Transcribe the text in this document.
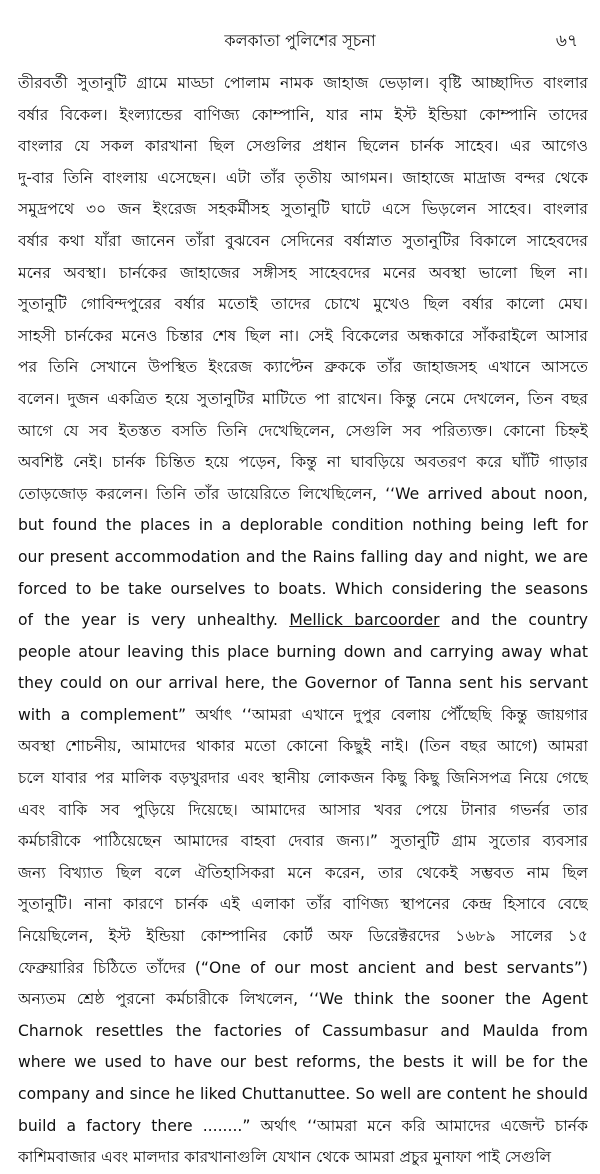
কলকাতা পুলিশের সূচনা	৬৭
তীরবর্তী সুতানুটি গ্রামে মাড্ডা পোলাম নামক জাহাজ ভেড়াল। বৃষ্টি আচ্ছাদিত বাংলার
বর্ষার বিকেল। ইংল্যান্ডের বাণিজ্য কোম্পানি, যার নাম ইস্ট ইন্ডিয়া কোম্পানি তাদের
বাংলার যে সকল কারখানা ছিল সেগুলির প্রধান ছিলেন চার্নক সাহেব। এর আগেও
দু-বার তিনি বাংলায় এসেছেন। এটা তাঁর তৃতীয় আগমন। জাহাজে মাদ্রাজ বন্দর থেকে
সমুদ্রপথে ৩০ জন ইংরেজ সহকর্মীসহ সুতানুটি ঘাটে এসে ভিড়লেন সাহেব। বাংলার
বর্ষার কথা যাঁরা জানেন তাঁরা বুঝবেন সেদিনের বর্ষাস্নাত সুতানুটির বিকালে সাহেবদের
মনের অবস্থা। চার্নকের জাহাজের সঙ্গীসহ সাহেবদের মনের অবস্থা ভালো ছিল না।
সুতানুটি গোবিন্দপুরের বর্ষার মতোই তাদের চোখে মুখেও ছিল বর্ষার কালো মেঘ।
সাহসী চার্নকের মনেও চিন্তার শেষ ছিল না। সেই বিকেলের অন্ধকারে সাঁকরাইলে আসার
পর তিনি সেখানে উপস্থিত ইংরেজ ক্যাপ্টেন ব্রুককে তাঁর জাহাজসহ এখানে আসতে
বলেন। দুজন একত্রিত হয়ে সুতানুটির মাটিতে পা রাখেন। কিন্তু নেমে দেখলেন, তিন বছর
আগে যে সব ইতস্তত বসতি তিনি দেখেছিলেন, সেগুলি সব পরিত্যক্ত। কোনো চিহ্নই
অবশিষ্ট নেই। চার্নক চিন্তিত হয়ে পড়েন, কিন্তু না ঘাবড়িয়ে অবতরণ করে ঘাঁটি গাড়ার
তোড়জোড় করলেন। তিনি তাঁর ডায়েরিতে লিখেছিলেন, ‘‘We arrived about noon,
but found the places in a deplorable condition nothing being left for
our present accommodation and the Rains falling day and night, we are
forced to be take ourselves to boats. Which considering the seasons
of the year is very unhealthy. Mellick barcoorder and the country
people atour leaving this place burning down and carrying away what
they could on our arrival here, the Governor of Tanna sent his servant
with a complement” অর্থাৎ ‘‘আমরা এখানে দুপুর বেলায় পৌঁছেছি কিন্তু জায়গার
অবস্থা শোচনীয়, আমাদের থাকার মতো কোনো কিছুই নাই। (তিন বছর আগে) আমরা
চলে যাবার পর মালিক বড়খুরদার এবং স্থানীয় লোকজন কিছু কিছু জিনিসপত্র নিয়ে গেছে
এবং বাকি সব পুড়িয়ে দিয়েছে। আমাদের আসার খবর পেয়ে টানার গভর্নর তার
কর্মচারীকে পাঠিয়েছেন আমাদের বাহবা দেবার জন্য।” সুতানুটি গ্রাম সুতোর ব্যবসার
জন্য বিখ্যাত ছিল বলে ঐতিহাসিকরা মনে করেন, তার থেকেই সম্ভবত নাম ছিল
সুতানুটি। নানা কারণে চার্নক এই এলাকা তাঁর বাণিজ্য স্থাপনের কেন্দ্র হিসাবে বেছে
নিয়েছিলেন, ইস্ট ইন্ডিয়া কোম্পানির কোর্ট অফ ডিরেক্টরদের ১৬৮৯ সালের ১৫
ফেব্রুয়ারির চিঠিতে তাঁদের (“One of our most ancient and best servants”)
অন্যতম শ্রেষ্ঠ পুরনো কর্মচারীকে লিখলেন, ‘‘We think the sooner the Agent
Charnok resettles the factories of Cassumbasur and Maulda from
where we used to have our best reforms, the bests it will be for the
company and since he liked Chuttanuttee. So well are content he should
build a factory there ........” অর্থাৎ ‘‘আমরা মনে করি আমাদের এজেন্ট চার্নক
কাশিমবাজার এবং মালদার কারখানাগুলি যেখান থেকে আমরা প্রচুর মুনাফা পাই সেগুলি
